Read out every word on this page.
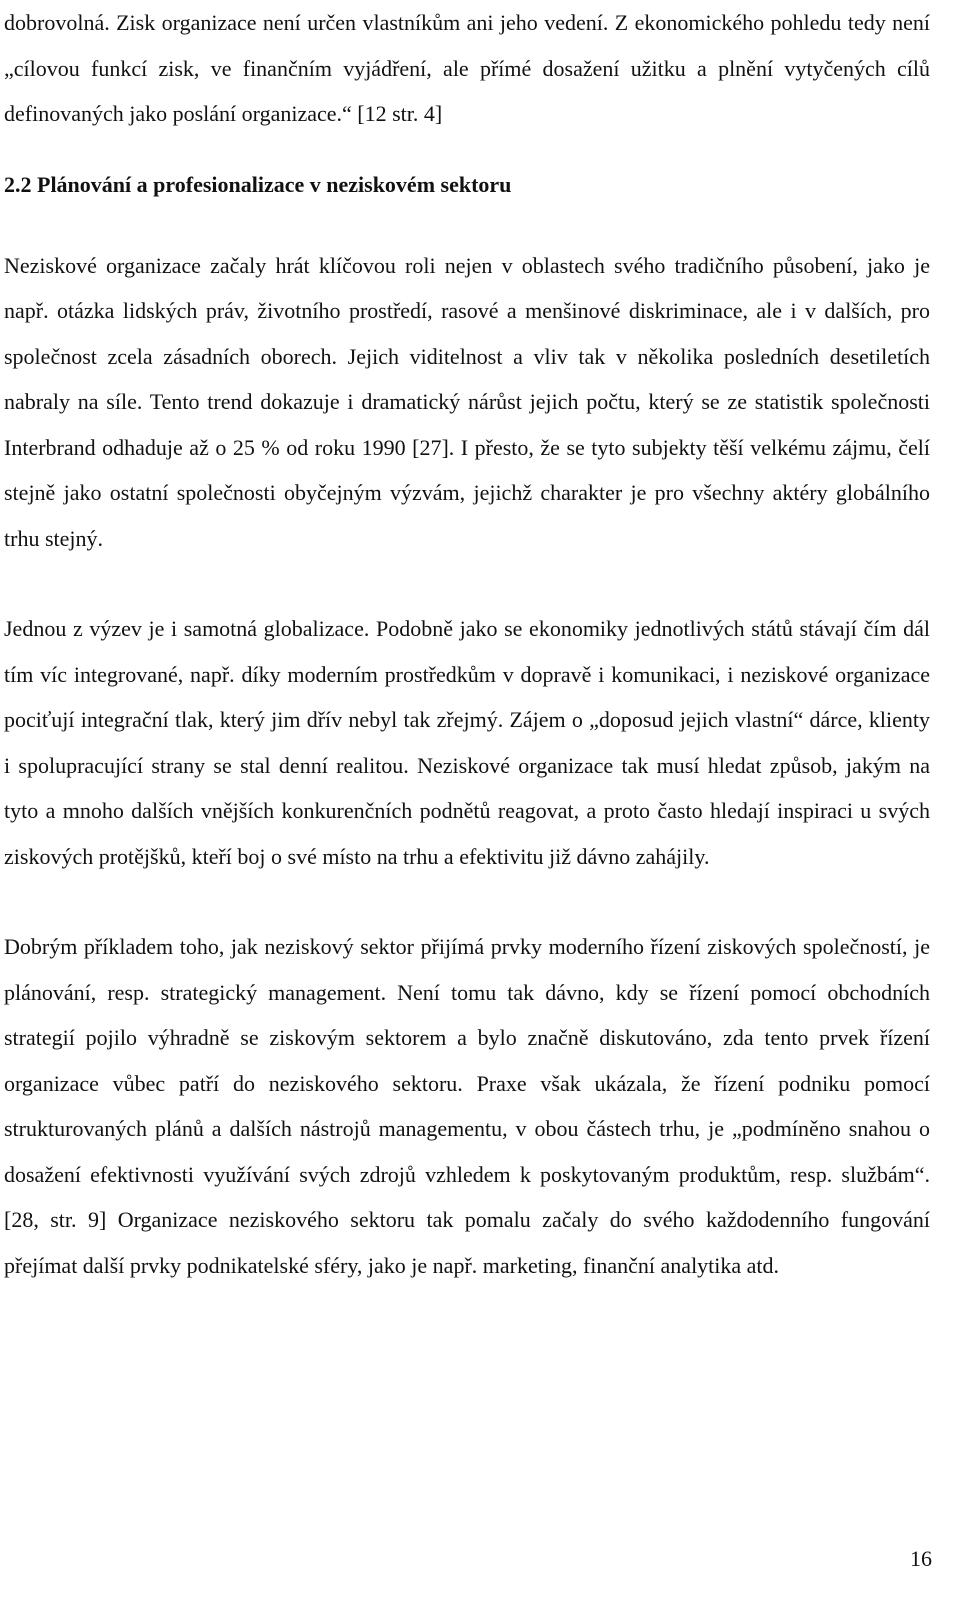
dobrovolná. Zisk organizace není určen vlastníkům ani jeho vedení. Z ekonomického pohledu tedy není „cílovou funkcí zisk, ve finančním vyjádření, ale přímé dosažení užitku a plnění vytyčených cílů definovaných jako poslání organizace.“ [12 str. 4]

2.2 Plánování a profesionalizace v neziskovém sektoru

Neziskové organizace začaly hrát klíčovou roli nejen v oblastech svého tradičního působení, jako je např. otázka lidských práv, životního prostředí, rasové a menšinové diskriminace, ale i v dalších, pro společnost zcela zásadních oborech. Jejich viditelnost a vliv tak v několika posledních desetiletích nabraly na síle. Tento trend dokazuje i dramatický nárůst jejich počtu, který se ze statistik společnosti Interbrand odhaduje až o 25 % od roku 1990 [27]. I přesto, že se tyto subjekty těší velkému zájmu, čelí stejně jako ostatní společnosti obyčejným výzvám, jejichž charakter je pro všechny aktéry globálního trhu stejný.

Jednou z výzev je i samotná globalizace. Podobně jako se ekonomiky jednotlivých států stávají čím dál tím víc integrované, např. díky moderním prostředkům v dopravě i komunikaci, i neziskové organizace pociťují integrační tlak, který jim dřív nebyl tak zřejmý. Zájem o „doposud jejich vlastní“ dárce, klienty i spolupracující strany se stal denní realitou. Neziskové organizace tak musí hledat způsob, jakým na tyto a mnoho dalších vnějších konkurenčních podnětů reagovat, a proto často hledají inspiraci u svých ziskových protějšků, kteří boj o své místo na trhu a efektivitu již dávno zahájily.

Dobrým příkladem toho, jak neziskový sektor přijímá prvky moderního řízení ziskových společností, je plánování, resp. strategický management. Není tomu tak dávno, kdy se řízení pomocí obchodních strategií pojilo výhradně se ziskovým sektorem a bylo značně diskutováno, zda tento prvek řízení organizace vůbec patří do neziskového sektoru. Praxe však ukázala, že řízení podniku pomocí strukturovaných plánů a dalších nástrojů managementu, v obou částech trhu, je „podmíněno snahou o dosažení efektivnosti využívání svých zdrojů vzhledem k poskytovaným produktům, resp. službám“. [28, str. 9] Organizace neziskového sektoru tak pomalu začaly do svého každodenního fungování přejímat další prvky podnikatelské sféry, jako je např. marketing, finanční analytika atd.

16
